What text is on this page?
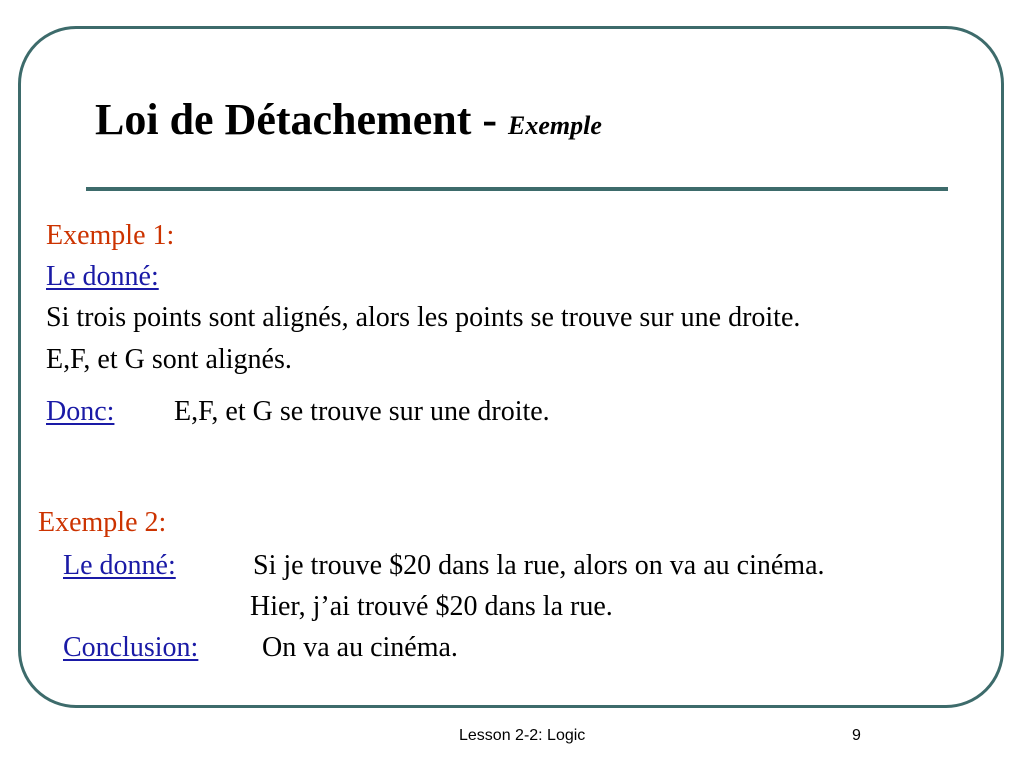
Loi de Détachement - Exemple
Exemple 1:
Le donné:
Si trois points sont alignés, alors les points se trouve sur une droite.
E,F, et G sont alignés.
Donc: E,F, et G se trouve sur une droite.
Exemple 2:
Le donné:	Si je trouve $20 dans la rue, alors on va au cinéma.
Hier, j’ai trouvé $20 dans la rue.
Conclusion: On va au cinéma.
Lesson 2-2: Logic	9
